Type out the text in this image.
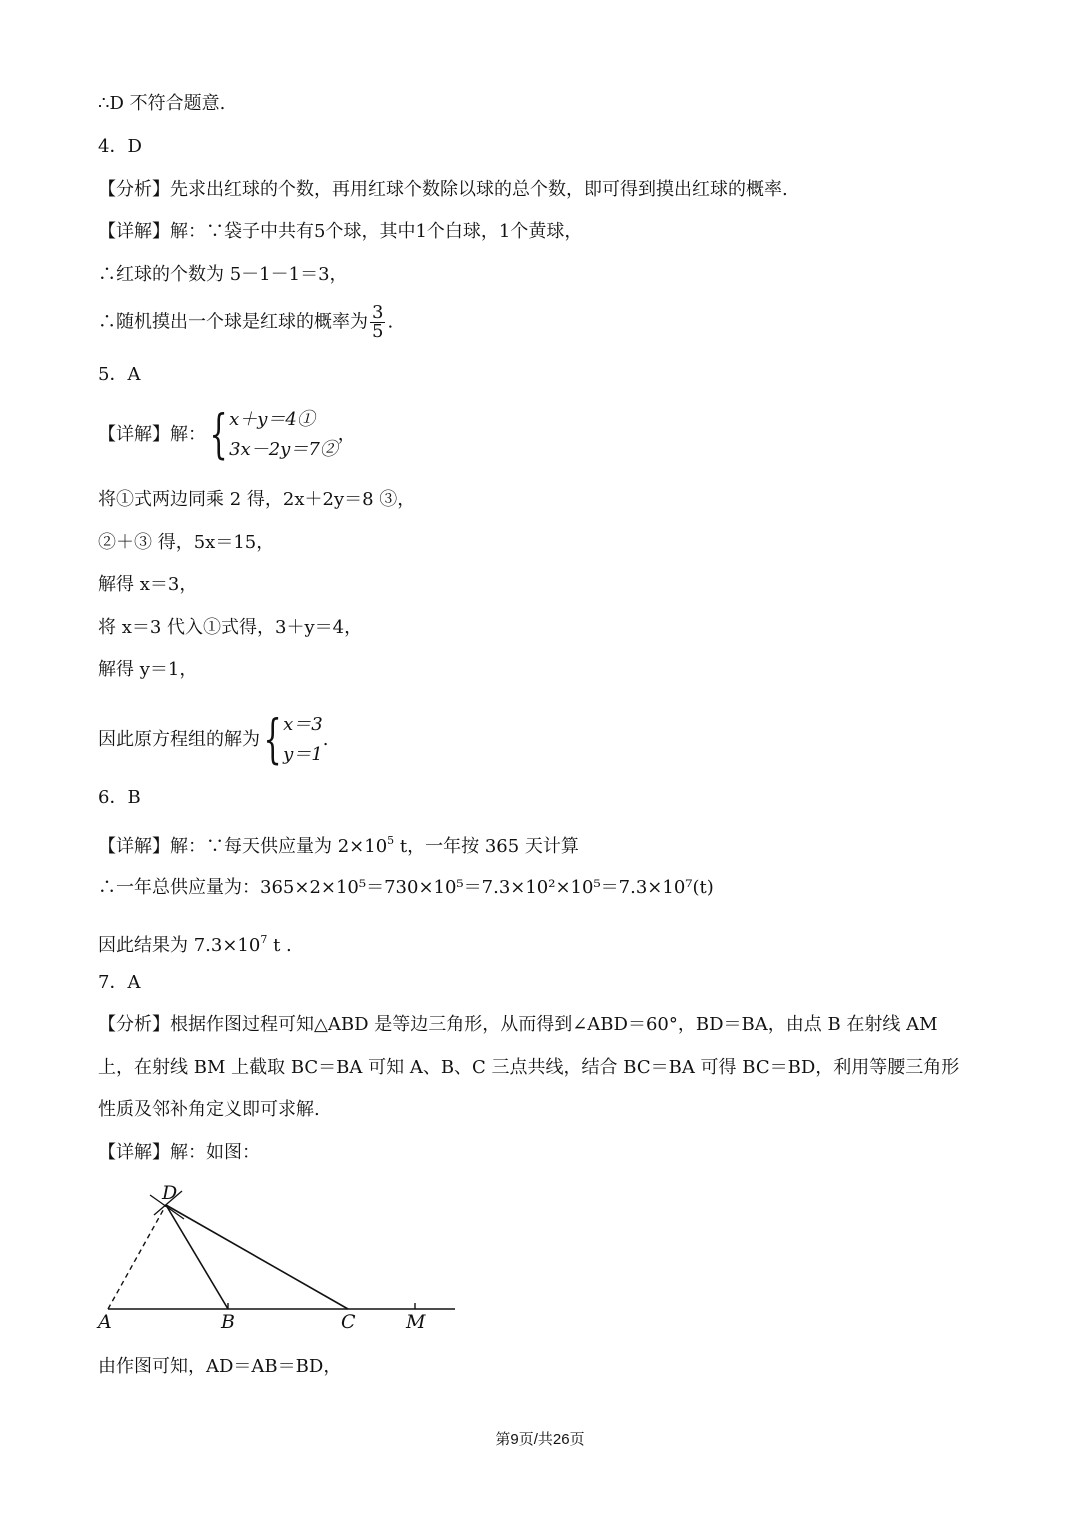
∴D 不符合题意.
4．D
【分析】先求出红球的个数，再用红球个数除以球的总个数，即可得到摸出红球的概率.
【详解】解：∵袋子中共有5个球，其中1个白球，1个黄球，
∴红球的个数为 5－1－1＝3，
∴随机摸出一个球是红球的概率为 $\frac{3}{5}$ .
5．A
【详解】解：{ x＋y＝4①
3x－2y＝7②
，
将①式两边同乘 2 得，2x＋2y＝8 ③，
②＋③ 得，5x＝15，
解得 x＝3，
将 x＝3 代入①式得，3＋y＝4，
解得 y＝1，
因此原方程组的解为{ x＝3
y＝1
.
6．B
【详解】解：∵每天供应量为 $2\times 10^5$ t，一年按 365 天计算
∴一年总供应量为：365×2×10⁵＝730×10⁵＝7.3×10²×10⁵＝7.3×10⁷(t)
因此结果为 $7.3\times 10^7$ t .
7．A
【分析】根据作图过程可知△ABD 是等边三角形，从而得到∠ABD＝60°，BD＝BA，由点 B 在射线 AM
上，在射线 BM 上截取 BC＝BA 可知 A、B、C 三点共线，结合 BC＝BA 可得 BC＝BD，利用等腰三角形
性质及邻补角定义即可求解.
【详解】解：如图：
D
A	B	C	M
由作图可知，AD＝AB＝BD，
第9页/共26页
